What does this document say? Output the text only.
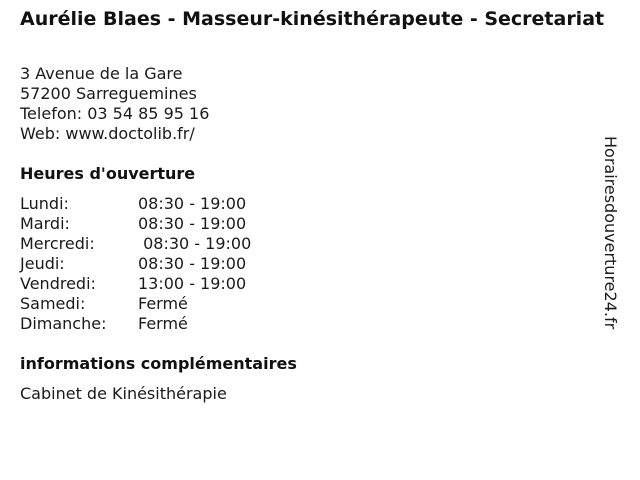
Aurélie Blaes - Masseur-kinésithérapeute - Secretariat
3 Avenue de la Gare
57200 Sarreguemines
Telefon: 03 54 85 95 16
Web: www.doctolib.fr/
Heures d'ouverture
Lundi:	08:30 - 19:00
Mardi:	08:30 - 19:00
Mercredi:	08:30 - 19:00
Jeudi:	08:30 - 19:00
Vendredi:	13:00 - 19:00
Samedi:	Fermé
Dimanche: Fermé
informations complémentaires
Cabinet de Kinésithérapie
Horairesdouverture24.fr
